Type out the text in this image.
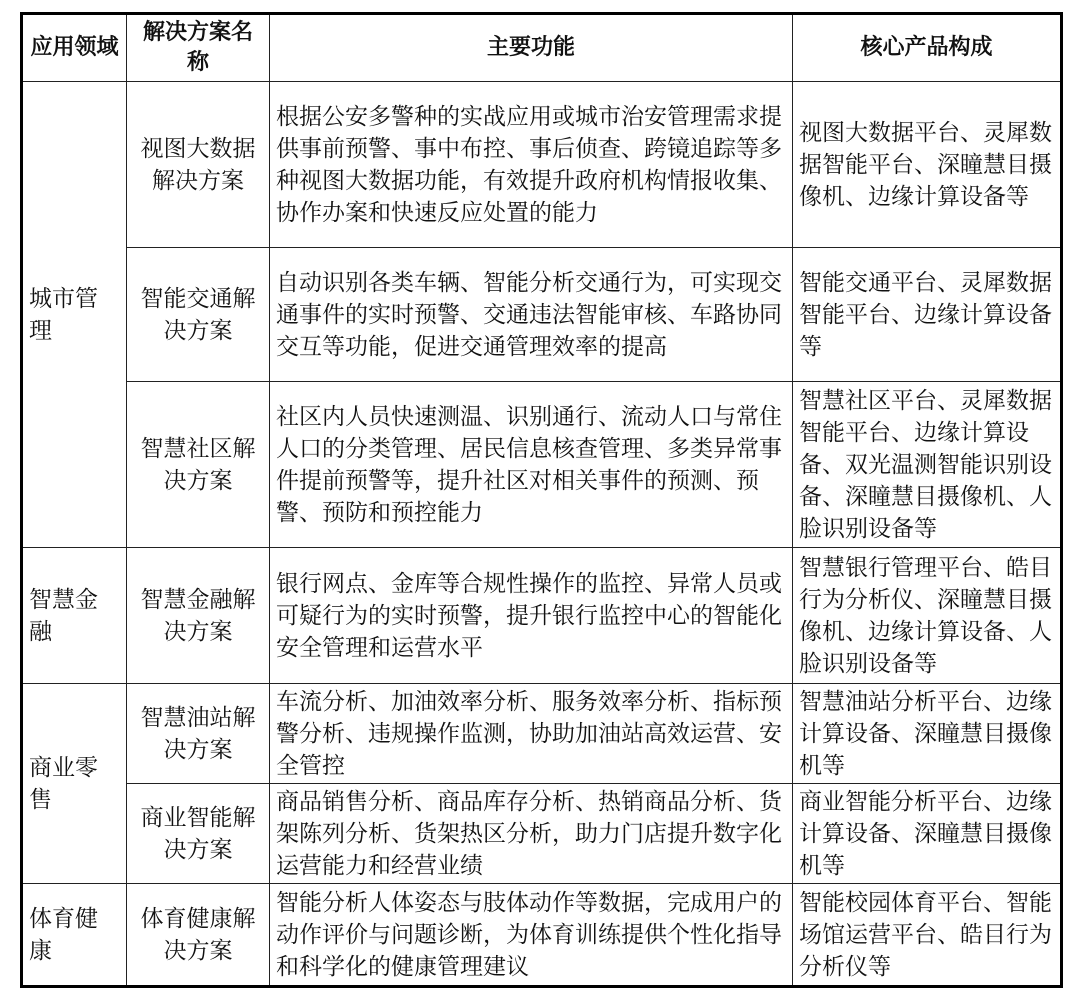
应用领域	解决方案名称	主要功能	核心产品构成
城市管理	视图大数据解决方案	根据公安多警种的实战应用或城市治安管理需求提供事前预警、事中布控、事后侦查、跨镜追踪等多种视图大数据功能，有效提升政府机构情报收集、协作办案和快速反应处置的能力	视图大数据平台、灵犀数据智能平台、深瞳慧目摄像机、边缘计算设备等
	智能交通解决方案	自动识别各类车辆、智能分析交通行为，可实现交通事件的实时预警、交通违法智能审核、车路协同交互等功能，促进交通管理效率的提高	智能交通平台、灵犀数据智能平台、边缘计算设备等
	智慧社区解决方案	社区内人员快速测温、识别通行、流动人口与常住人口的分类管理、居民信息核查管理、多类异常事件提前预警等，提升社区对相关事件的预测、预警、预防和预控能力	智慧社区平台、灵犀数据智能平台、边缘计算设备、双光温测智能识别设备、深瞳慧目摄像机、人脸识别设备等
智慧金融	智慧金融解决方案	银行网点、金库等合规性操作的监控、异常人员或可疑行为的实时预警，提升银行监控中心的智能化安全管理和运营水平	智慧银行管理平台、皓目行为分析仪、深瞳慧目摄像机、边缘计算设备、人脸识别设备等
商业零售	智慧油站解决方案	车流分析、加油效率分析、服务效率分析、指标预警分析、违规操作监测，协助加油站高效运营、安全管控	智慧油站分析平台、边缘计算设备、深瞳慧目摄像机等
	商业智能解决方案	商品销售分析、商品库存分析、热销商品分析、货架陈列分析、货架热区分析，助力门店提升数字化运营能力和经营业绩	商业智能分析平台、边缘计算设备、深瞳慧目摄像机等
体育健康	体育健康解决方案	智能分析人体姿态与肢体动作等数据，完成用户的动作评价与问题诊断，为体育训练提供个性化指导和科学化的健康管理建议	智能校园体育平台、智能场馆运营平台、皓目行为分析仪等
